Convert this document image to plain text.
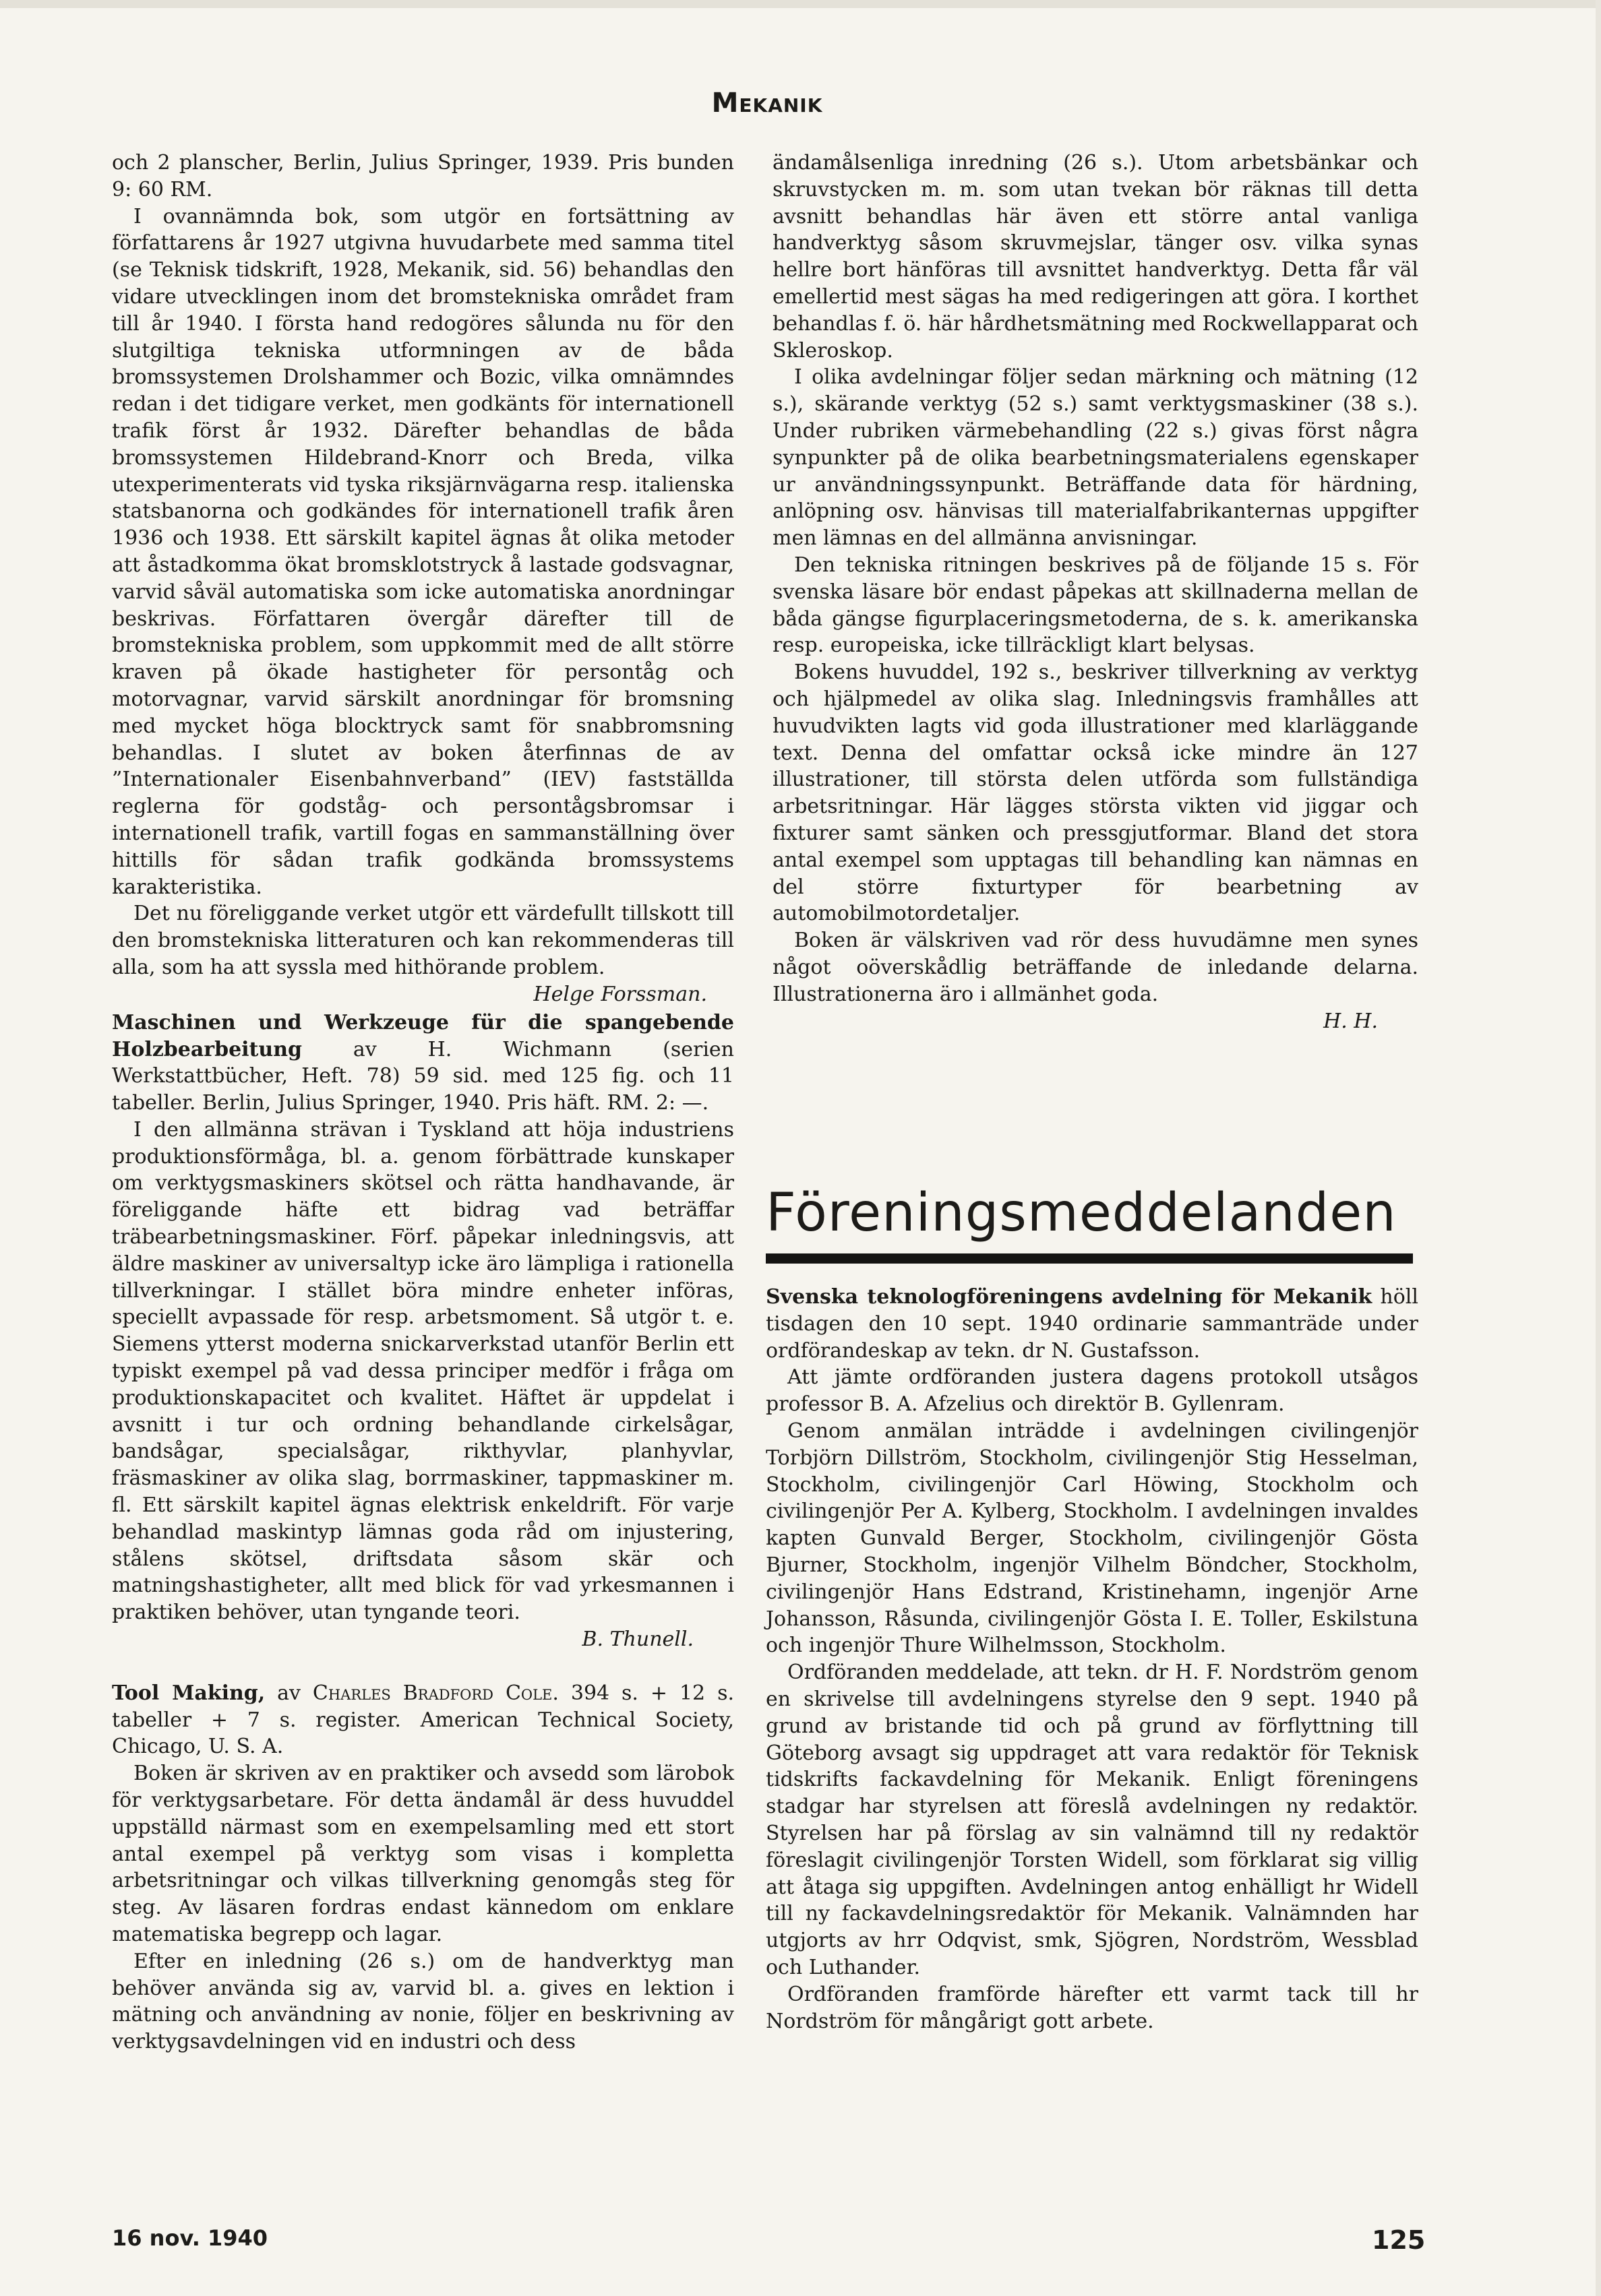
Mekanik

och 2 planscher, Berlin, Julius Springer, 1939. Pris bunden 9: 60 RM.

I ovannämnda bok, som utgör en fortsättning av författarens år 1927 utgivna huvudarbete med samma titel (se Teknisk tidskrift, 1928, Mekanik, sid. 56) behandlas den vidare utvecklingen inom det bromstekniska området fram till år 1940. I första hand redogöres sålunda nu för den slutgiltiga tekniska utformningen av de båda bromssystemen Drolshammer och Bozic, vilka omnämndes redan i det tidigare verket, men godkänts för internationell trafik först år 1932. Därefter behandlas de båda bromssystemen Hildebrand-Knorr och Breda, vilka utexperimenterats vid tyska riksjärnvägarna resp. italienska statsbanorna och godkändes för internationell trafik åren 1936 och 1938. Ett särskilt kapitel ägnas åt olika metoder att åstadkomma ökat bromsklotstryck å lastade godsvagnar, varvid såväl automatiska som icke automatiska anordningar beskrivas. Författaren övergår därefter till de bromstekniska problem, som uppkommit med de allt större kraven på ökade hastigheter för persontåg och motorvagnar, varvid särskilt anordningar för bromsning med mycket höga blocktryck samt för snabbromsning behandlas. I slutet av boken återfinnas de av ”Internationaler Eisenbahnverband” (IEV) fastställda reglerna för godståg- och persontågsbromsar i internationell trafik, vartill fogas en sammanställning över hittills för sådan trafik godkända bromssystems karakteristika.

Det nu föreliggande verket utgör ett värdefullt tillskott till den bromstekniska litteraturen och kan rekommenderas till alla, som ha att syssla med hithörande problem.
Helge Forssman.

Maschinen und Werkzeuge für die spangebende Holzbearbeitung av H. Wichmann (serien Werkstattbücher, Heft. 78) 59 sid. med 125 fig. och 11 tabeller. Berlin, Julius Springer, 1940. Pris häft. RM. 2: —.

I den allmänna strävan i Tyskland att höja industriens produktionsförmåga, bl. a. genom förbättrade kunskaper om verktygsmaskiners skötsel och rätta handhavande, är föreliggande häfte ett bidrag vad beträffar träbearbetningsmaskiner. Förf. påpekar inledningsvis, att äldre maskiner av universaltyp icke äro lämpliga i rationella tillverkningar. I stället böra mindre enheter införas, speciellt avpassade för resp. arbetsmoment. Så utgör t. e. Siemens ytterst moderna snickarverkstad utanför Berlin ett typiskt exempel på vad dessa principer medför i fråga om produktionskapacitet och kvalitet. Häftet är uppdelat i avsnitt i tur och ordning behandlande cirkelsågar, bandsågar, specialsågar, rikthyvlar, planhyvlar, fräsmaskiner av olika slag, borrmaskiner, tappmaskiner m. fl. Ett särskilt kapitel ägnas elektrisk enkeldrift. För varje behandlad maskintyp lämnas goda råd om injustering, stålens skötsel, driftsdata såsom skär och matningshastigheter, allt med blick för vad yrkesmannen i praktiken behöver, utan tyngande teori.

B. Thunell.

Tool Making, av Charles Bradford Cole. 394 s. + 12 s. tabeller + 7 s. register. American Technical Society, Chicago, U. S. A.

Boken är skriven av en praktiker och avsedd som lärobok för verktygsarbetare. För detta ändamål är dess huvuddel uppställd närmast som en exempelsamling med ett stort antal exempel på verktyg som visas i kompletta arbetsritningar och vilkas tillverkning genomgås steg för steg. Av läsaren fordras endast kännedom om enklare matematiska begrepp och lagar.

Efter en inledning (26 s.) om de handverktyg man behöver använda sig av, varvid bl. a. gives en lektion i mätning och användning av nonie, följer en beskrivning av verktygsavdelningen vid en industri och dess

ändamålsenliga inredning (26 s.). Utom arbetsbänkar och skruvstycken m. m. som utan tvekan bör räknas till detta avsnitt behandlas här även ett större antal vanliga handverktyg såsom skruvmejslar, tänger osv. vilka synas hellre bort hänföras till avsnittet handverktyg. Detta får väl emellertid mest sägas ha med redigeringen att göra. I korthet behandlas f. ö. här hårdhetsmätning med Rockwellapparat och Skleroskop.

I olika avdelningar följer sedan märkning och mätning (12 s.), skärande verktyg (52 s.) samt verktygsmaskiner (38 s.). Under rubriken värmebehandling (22 s.) givas först några synpunkter på de olika bearbetningsmaterialens egenskaper ur användningssynpunkt. Beträffande data för härdning, anlöpning osv. hänvisas till materialfabrikanternas uppgifter men lämnas en del allmänna anvisningar.

Den tekniska ritningen beskrives på de följande 15 s. För svenska läsare bör endast påpekas att skillnaderna mellan de båda gängse figurplaceringsmetoderna, de s. k. amerikanska resp. europeiska, icke tillräckligt klart belysas.

Bokens huvuddel, 192 s., beskriver tillverkning av verktyg och hjälpmedel av olika slag. Inledningsvis framhålles att huvudvikten lagts vid goda illustrationer med klarläggande text. Denna del omfattar också icke mindre än 127 illustrationer, till största delen utförda som fullständiga arbetsritningar. Här lägges största vikten vid jiggar och fixturer samt sänken och pressgjutformar. Bland det stora antal exempel som upptagas till behandling kan nämnas en del större fixturtyper för bearbetning av automobilmotordetaljer.

Boken är välskriven vad rör dess huvudämne men synes något oöverskådlig beträffande de inledande delarna. Illustrationerna äro i allmänhet goda.

H. H.

Föreningsmeddelanden

Svenska teknologföreningens avdelning för Mekanik höll tisdagen den 10 sept. 1940 ordinarie sammanträde under ordförandeskap av tekn. dr N. Gustafsson.

Att jämte ordföranden justera dagens protokoll utsågos professor B. A. Afzelius och direktör B. Gyllenram.

Genom anmälan inträdde i avdelningen civilingenjör Torbjörn Dillström, Stockholm, civilingenjör Stig Hesselman, Stockholm, civilingenjör Carl Höwing, Stockholm och civilingenjör Per A. Kylberg, Stockholm. I avdelningen invaldes kapten Gunvald Berger, Stockholm, civilingenjör Gösta Bjurner, Stockholm, ingenjör Vilhelm Böndcher, Stockholm, civilingenjör Hans Edstrand, Kristinehamn, ingenjör Arne Johansson, Råsunda, civilingenjör Gösta I. E. Toller, Eskilstuna och ingenjör Thure Wilhelmsson, Stockholm.

Ordföranden meddelade, att tekn. dr H. F. Nordström genom en skrivelse till avdelningens styrelse den 9 sept. 1940 på grund av bristande tid och på grund av förflyttning till Göteborg avsagt sig uppdraget att vara redaktör för Teknisk tidskrifts fackavdelning för Mekanik. Enligt föreningens stadgar har styrelsen att föreslå avdelningen ny redaktör. Styrelsen har på förslag av sin valnämnd till ny redaktör föreslagit civilingenjör Torsten Widell, som förklarat sig villig att åtaga sig uppgiften. Avdelningen antog enhälligt hr Widell till ny fackavdelningsredaktör för Mekanik. Valnämnden har utgjorts av hrr Odqvist, smk, Sjögren, Nordström, Wessblad och Luthander.

Ordföranden framförde härefter ett varmt tack till hr Nordström för mångårigt gott arbete.

16 nov. 1940	125
